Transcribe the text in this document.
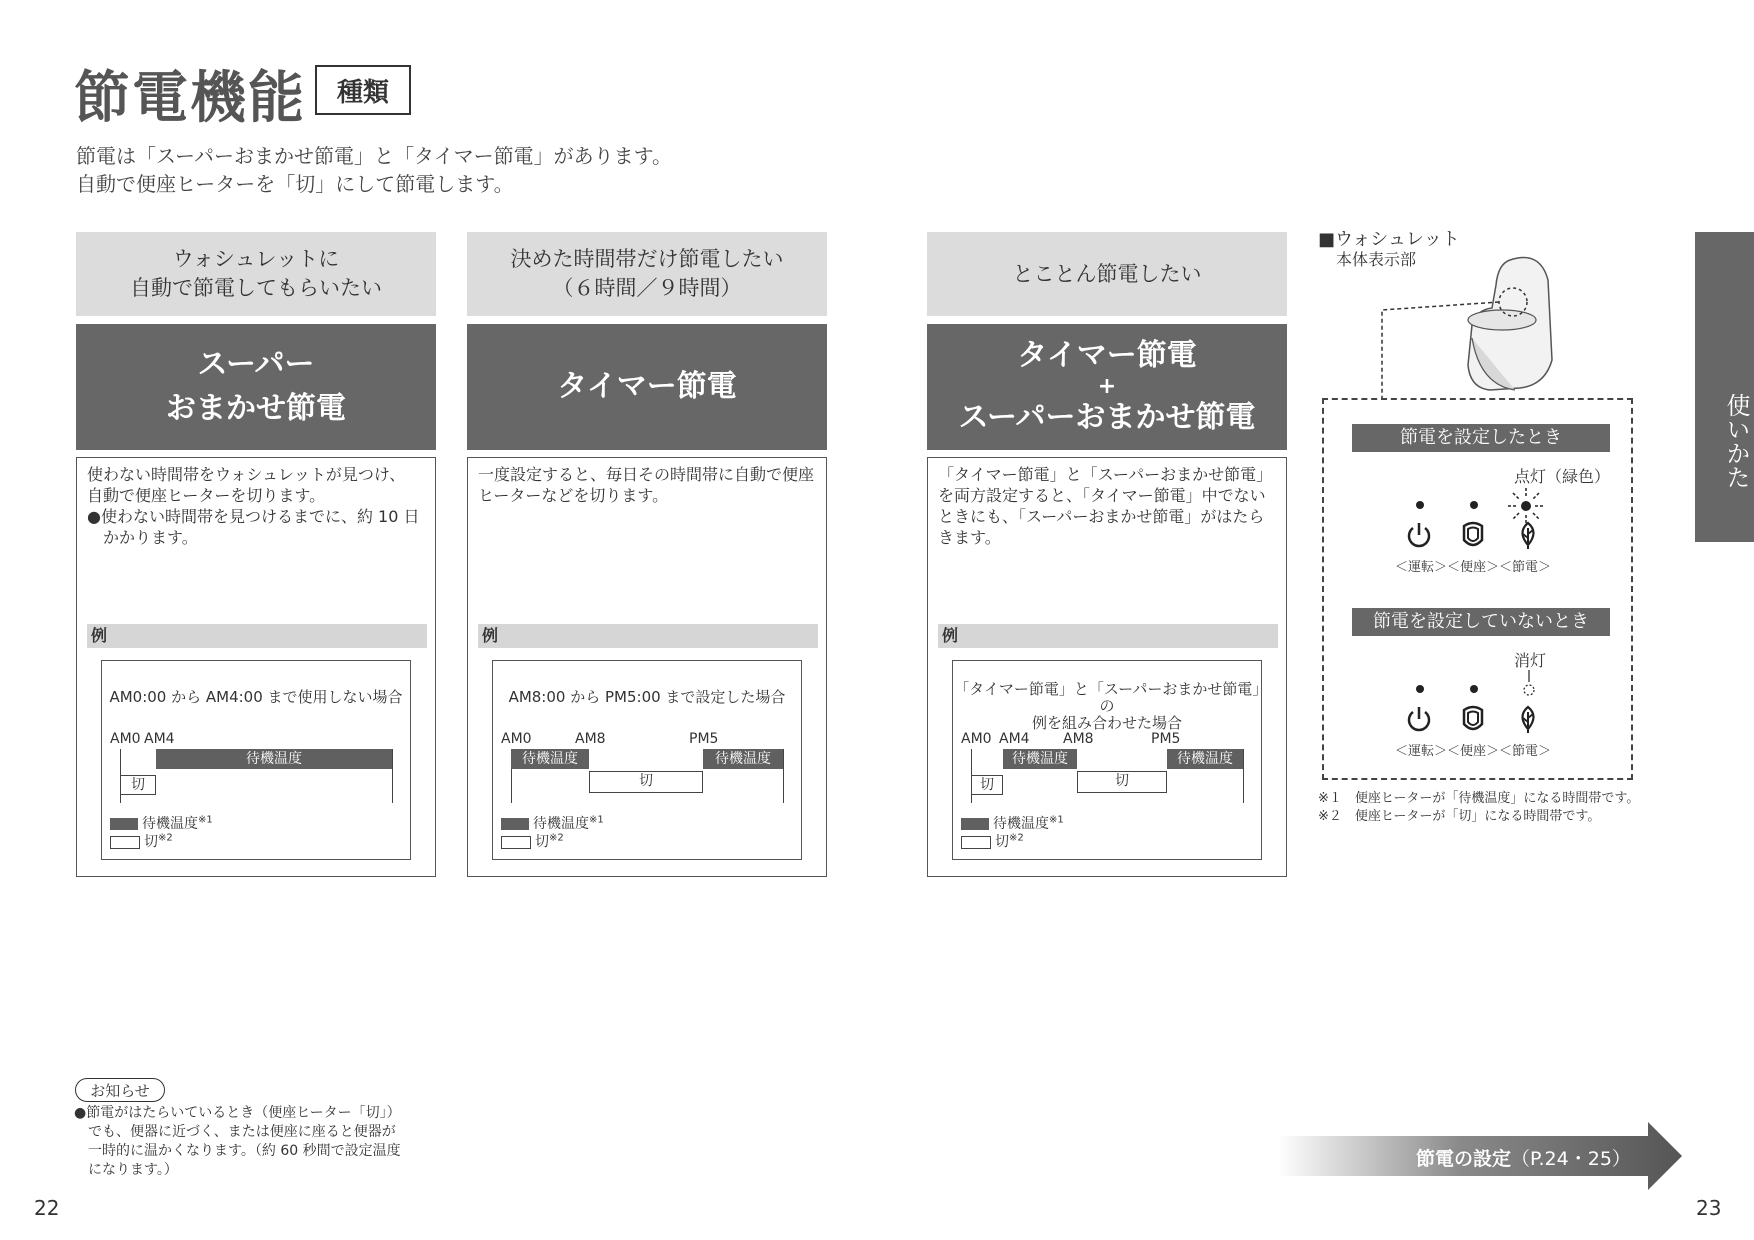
節電機能	種類
節電は「スーパーおまかせ節電」と「タイマー節電」があります。
自動で便座ヒーターを「切」にして節電します。
ウォシュレットに
自動で節電してもらいたい
スーパー
おまかせ節電
使わない時間帯をウォシュレットが見つけ、
自動で便座ヒーターを切ります。
●使わない時間帯を見つけるまでに、約 10 日
　かかります。
例
AM0:00 から AM4:00 まで使用しない場合
AM0 AM4
待機温度
切
待機温度$^{※1}$
切$^{※2}$
決めた時間帯だけ節電したい
（６時間／９時間）
タイマー節電
一度設定すると、毎日その時間帯に自動で便座
ヒーターなどを切ります。
例
AM8:00 から PM5:00 まで設定した場合
AM0	AM8	PM5
待機温度
切
待機温度
待機温度$^{※1}$
切$^{※2}$
とことん節電したい
タイマー節電
+
スーパーおまかせ節電
「タイマー節電」と「スーパーおまかせ節電」
を両方設定すると、「タイマー節電」中でない
ときにも、「スーパーおまかせ節電」がはたら
きます。
例
「タイマー節電」と「スーパーおまかせ節電」の
例を組み合わせた場合
AM0 AM4 AM8	PM5
切
待機温度
切
待機温度
待機温度$^{※1}$
切$^{※2}$
■ウォシュレット
本体表示部
節電を設定したとき
点灯（緑色）
＜運転＞＜便座＞＜節電＞
節電を設定していないとき
消灯
＜運転＞＜便座＞＜節電＞
※１　便座ヒーターが「待機温度」になる時間帯です。
※２　便座ヒーターが「切」になる時間帯です。
使いかた
お知らせ
●節電がはたらいているとき（便座ヒーター「切」）
　でも、便器に近づく、または便座に座ると便器が
　一時的に温かくなります。（約 60 秒間で設定温度
　になります。）	節電の設定（P.24・25）
22	23
